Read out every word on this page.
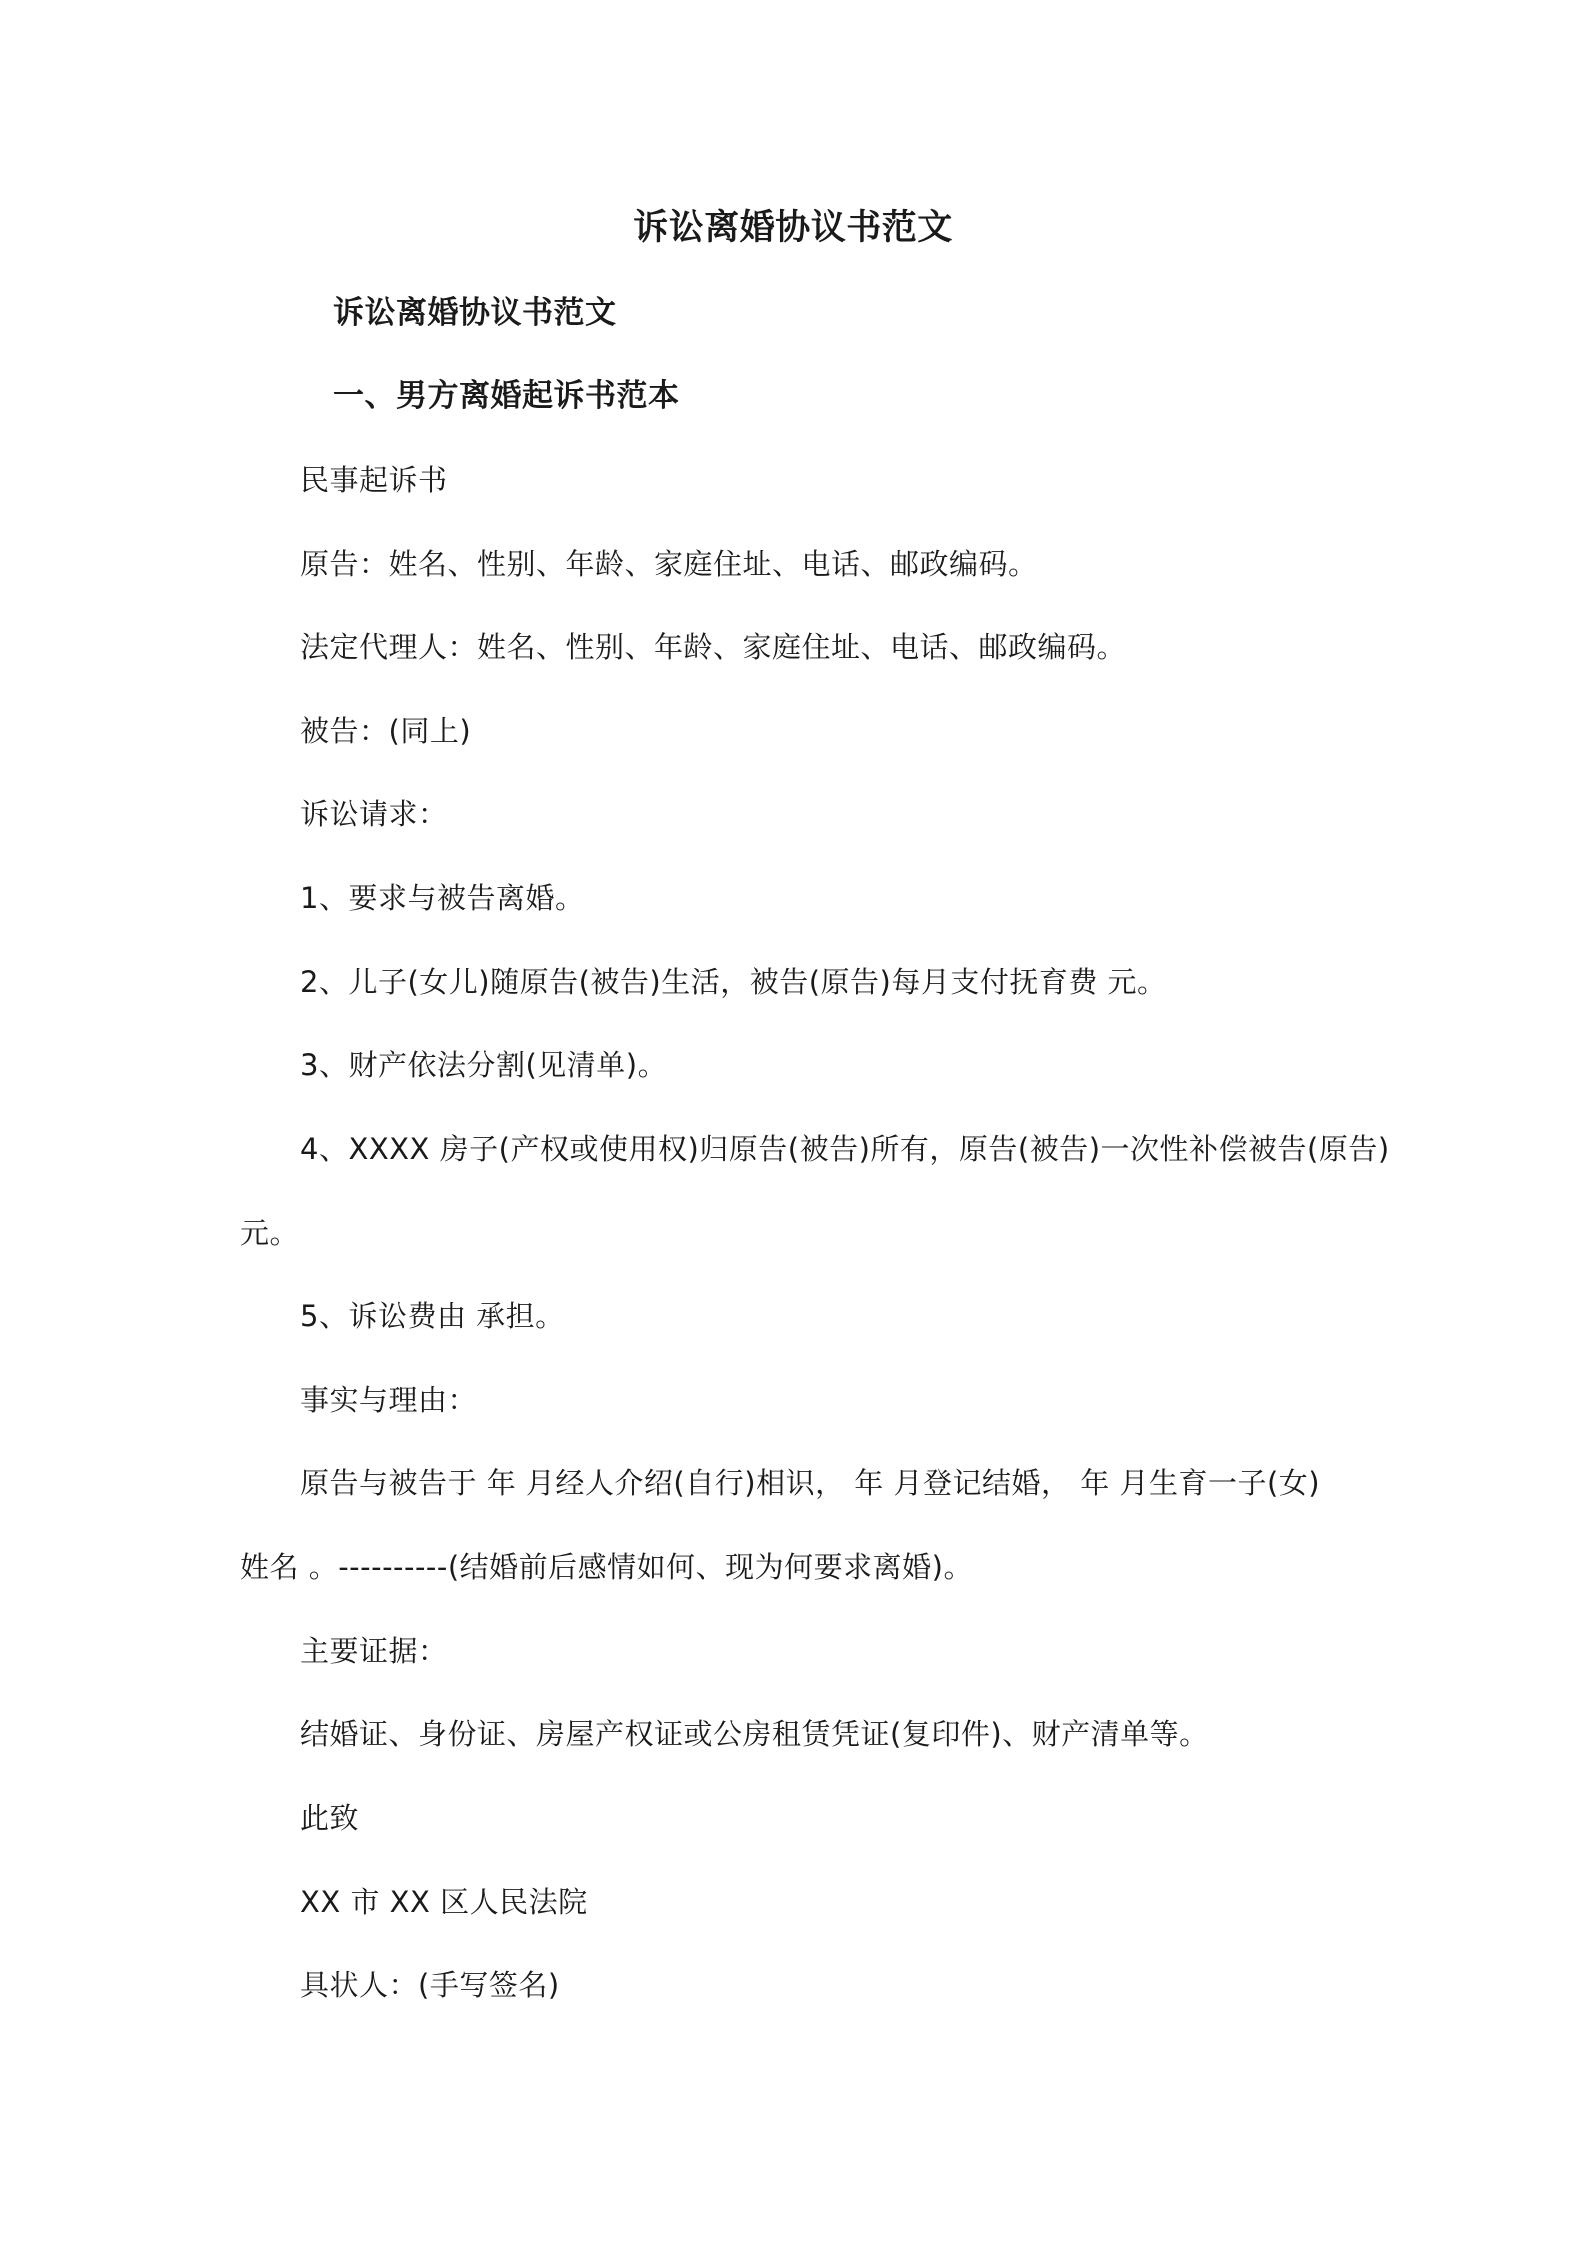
诉讼离婚协议书范文
诉讼离婚协议书范文
一、男方离婚起诉书范本
民事起诉书
原告：姓名、性别、年龄、家庭住址、电话、邮政编码。
法定代理人：姓名、性别、年龄、家庭住址、电话、邮政编码。
被告：(同上)
诉讼请求：
1、要求与被告离婚。
2、儿子(女儿)随原告(被告)生活，被告(原告)每月支付抚育费 元。
3、财产依法分割(见清单)。
4、XXXX 房子(产权或使用权)归原告(被告)所有，原告(被告)一次性补偿被告(原告)
元。
5、诉讼费由 承担。
事实与理由：
原告与被告于 年 月经人介绍(自行)相识， 年 月登记结婚， 年 月生育一子(女)
姓名 。----------(结婚前后感情如何、现为何要求离婚)。
主要证据：
结婚证、身份证、房屋产权证或公房租赁凭证(复印件)、财产清单等。
此致
XX 市 XX 区人民法院
具状人：(手写签名)
